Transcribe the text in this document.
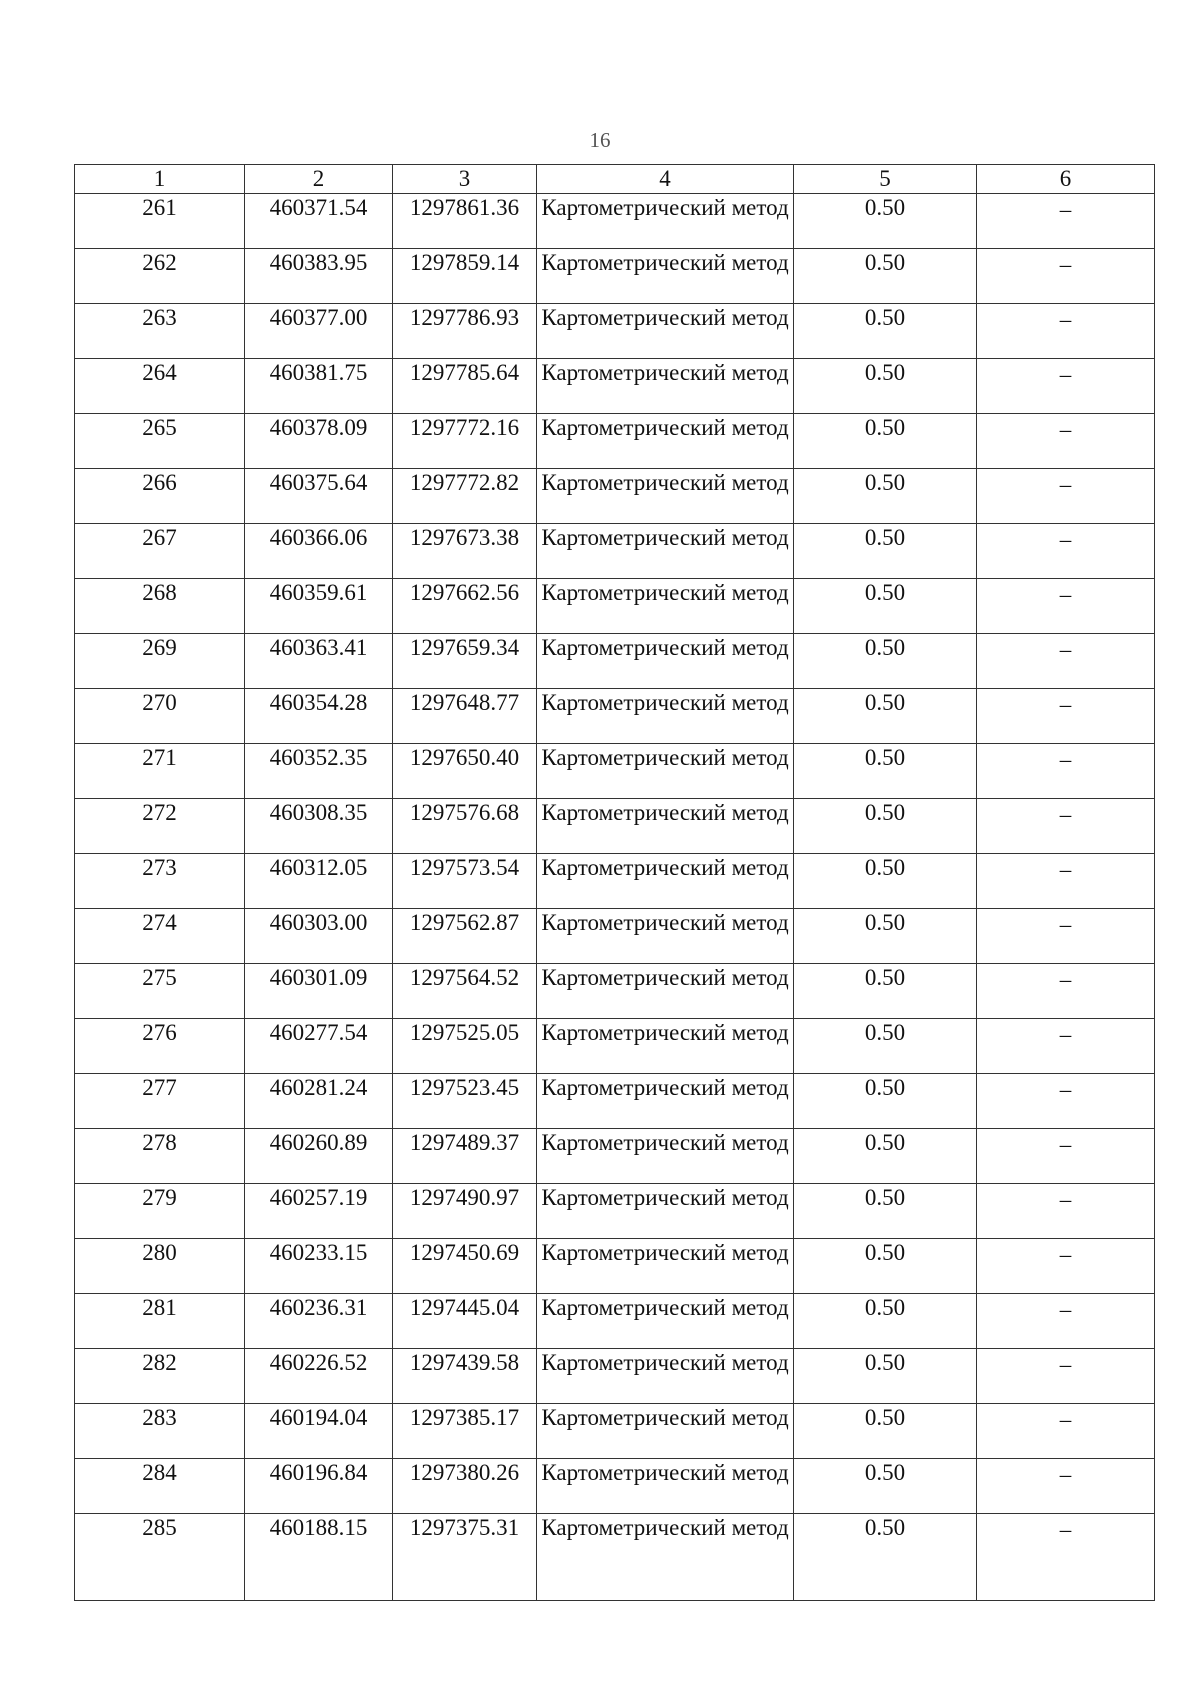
16
1	2	3	4	5	6
261	460371.54	1297861.36	Картометрический метод	0.50	–
262	460383.95	1297859.14	Картометрический метод	0.50	–
263	460377.00	1297786.93	Картометрический метод	0.50	–
264	460381.75	1297785.64	Картометрический метод	0.50	–
265	460378.09	1297772.16	Картометрический метод	0.50	–
266	460375.64	1297772.82	Картометрический метод	0.50	–
267	460366.06	1297673.38	Картометрический метод	0.50	–
268	460359.61	1297662.56	Картометрический метод	0.50	–
269	460363.41	1297659.34	Картометрический метод	0.50	–
270	460354.28	1297648.77	Картометрический метод	0.50	–
271	460352.35	1297650.40	Картометрический метод	0.50	–
272	460308.35	1297576.68	Картометрический метод	0.50	–
273	460312.05	1297573.54	Картометрический метод	0.50	–
274	460303.00	1297562.87	Картометрический метод	0.50	–
275	460301.09	1297564.52	Картометрический метод	0.50	–
276	460277.54	1297525.05	Картометрический метод	0.50	–
277	460281.24	1297523.45	Картометрический метод	0.50	–
278	460260.89	1297489.37	Картометрический метод	0.50	–
279	460257.19	1297490.97	Картометрический метод	0.50	–
280	460233.15	1297450.69	Картометрический метод	0.50	–
281	460236.31	1297445.04	Картометрический метод	0.50	–
282	460226.52	1297439.58	Картометрический метод	0.50	–
283	460194.04	1297385.17	Картометрический метод	0.50	–
284	460196.84	1297380.26	Картометрический метод	0.50	–
285	460188.15	1297375.31	Картометрический метод	0.50	–
